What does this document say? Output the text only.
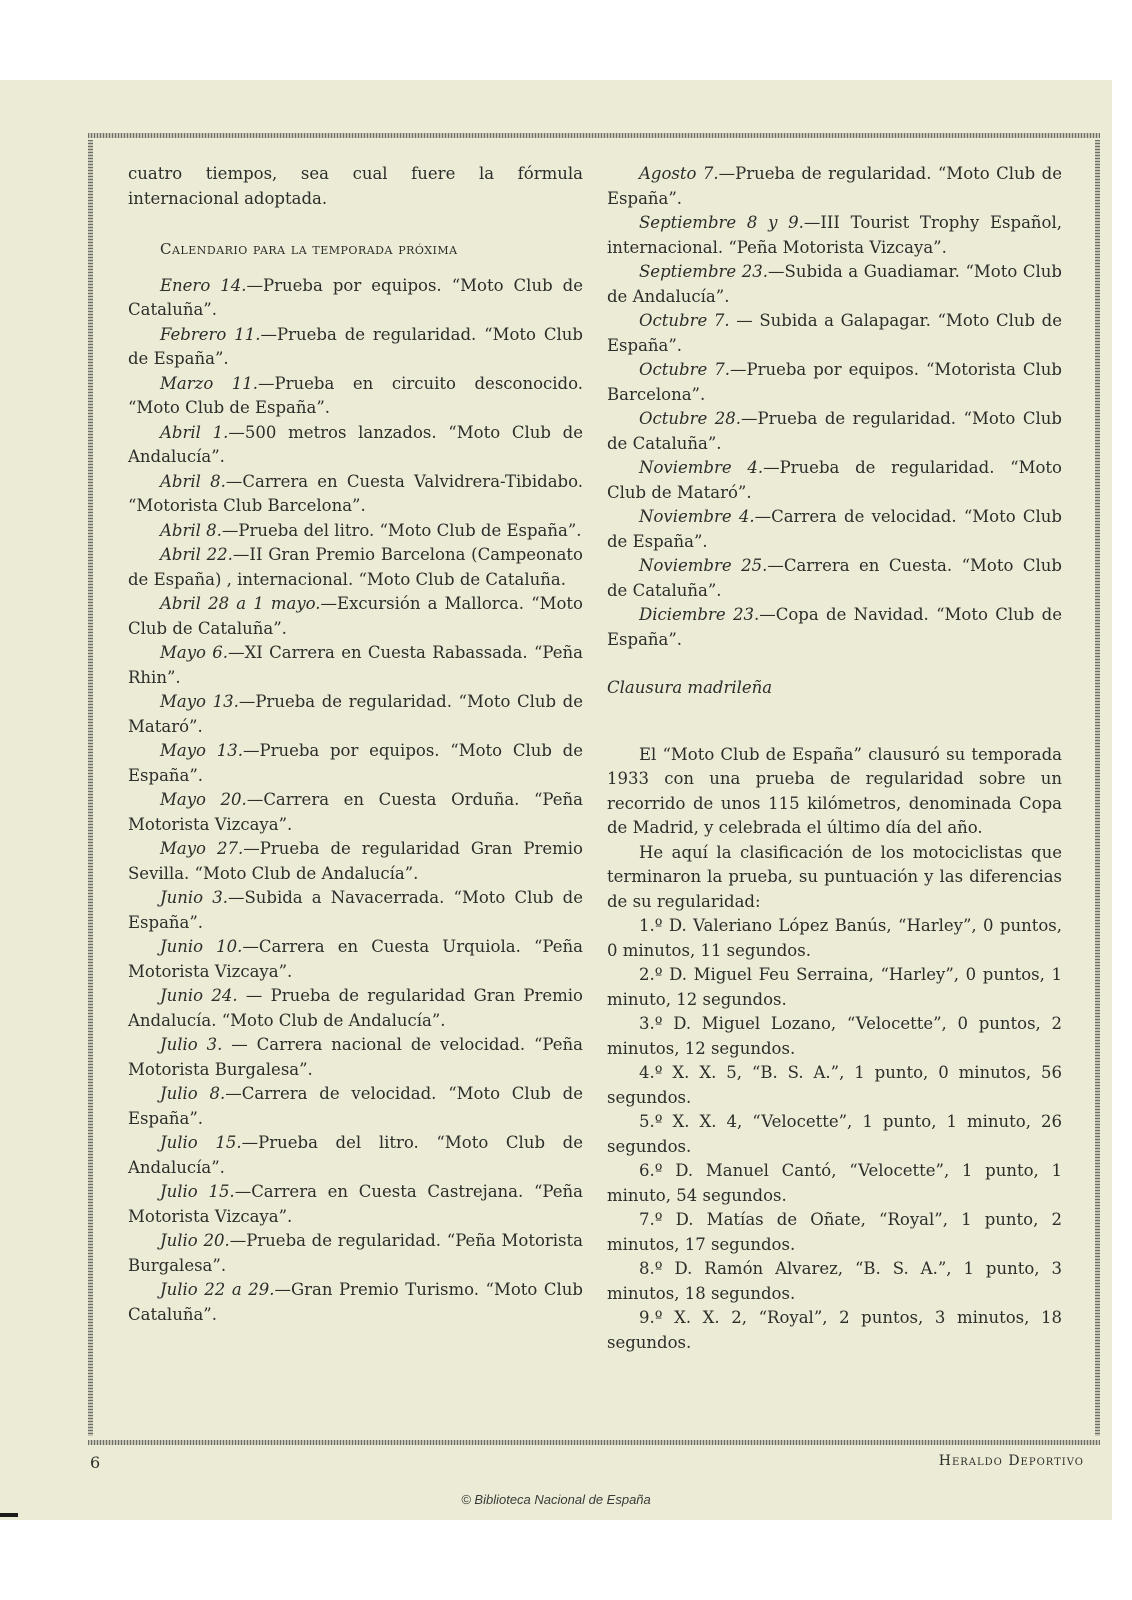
cuatro tiempos, sea cual fuere la fórmula internacional adoptada.

Calendario para la temporada próxima

Enero 14.—Prueba por equipos. “Moto Club de Cataluña”.

Febrero 11.—Prueba de regularidad. “Moto Club de España”.

Marzo 11.—Prueba en circuito desconocido. “Moto Club de España”.

Abril 1.—500 metros lanzados. “Moto Club de Andalucía”.

Abril 8.—Carrera en Cuesta Valvidrera-Tibidabo. “Motorista Club Barcelona”.

Abril 8.—Prueba del litro. “Moto Club de España”.

Abril 22.—II Gran Premio Barcelona (Campeonato de España) , internacional. “Moto Club de Cataluña.

Abril 28 a 1 mayo.—Excursión a Mallorca. “Moto Club de Cataluña”.

Mayo 6.—XI Carrera en Cuesta Rabassada. “Peña Rhin”.

Mayo 13.—Prueba de regularidad. “Moto Club de Mataró”.

Mayo 13.—Prueba por equipos. “Moto Club de España”.

Mayo 20.—Carrera en Cuesta Orduña. “Peña Motorista Vizcaya”.

Mayo 27.—Prueba de regularidad Gran Premio Sevilla. “Moto Club de Andalucía”.

Junio 3.—Subida a Navacerrada. “Moto Club de España”.

Junio 10.—Carrera en Cuesta Urquiola. “Peña Motorista Vizcaya”.

Junio 24. — Prueba de regularidad Gran Premio Andalucía. “Moto Club de Andalucía”.

Julio 3. — Carrera nacional de velocidad. “Peña Motorista Burgalesa”.

Julio 8.—Carrera de velocidad. “Moto Club de España”.

Julio 15.—Prueba del litro. “Moto Club de Andalucía”.

Julio 15.—Carrera en Cuesta Castrejana. “Peña Motorista Vizcaya”.

Julio 20.—Prueba de regularidad. “Peña Motorista Burgalesa”.

Julio 22 a 29.—Gran Premio Turismo. “Moto Club Cataluña”.

Agosto 7.—Prueba de regularidad. “Moto Club de España”.

Septiembre 8 y 9.—III Tourist Trophy Español, internacional. “Peña Motorista Vizcaya”.

Septiembre 23.—Subida a Guadiamar. “Moto Club de Andalucía”.

Octubre 7. — Subida a Galapagar. “Moto Club de España”.

Octubre 7.—Prueba por equipos. “Motorista Club Barcelona”.

Octubre 28.—Prueba de regularidad. “Moto Club de Cataluña”.

Noviembre 4.—Prueba de regularidad. “Moto Club de Mataró”.

Noviembre 4.—Carrera de velocidad. “Moto Club de España”.

Noviembre 25.—Carrera en Cuesta. “Moto Club de Cataluña”.

Diciembre 23.—Copa de Navidad. “Moto Club de España”.

Clausura madrileña

El “Moto Club de España” clausuró su temporada 1933 con una prueba de regularidad sobre un recorrido de unos 115 kilómetros, denominada Copa de Madrid, y celebrada el último día del año.

He aquí la clasificación de los motociclistas que terminaron la prueba, su puntuación y las diferencias de su regularidad:

1.º D. Valeriano López Banús, “Harley”, 0 puntos, 0 minutos, 11 segundos.

2.º D. Miguel Feu Serraina, “Harley”, 0 puntos, 1 minuto, 12 segundos.

3.º D. Miguel Lozano, “Velocette”, 0 puntos, 2 minutos, 12 segundos.

4.º X. X. 5, “B. S. A.”, 1 punto, 0 minutos, 56 segundos.

5.º X. X. 4, “Velocette”, 1 punto, 1 minuto, 26 segundos.

6.º D. Manuel Cantó, “Velocette”, 1 punto, 1 minuto, 54 segundos.

7.º D. Matías de Oñate, “Royal”, 1 punto, 2 minutos, 17 segundos.

8.º D. Ramón Alvarez, “B. S. A.”, 1 punto, 3 minutos, 18 segundos.

9.º X. X. 2, “Royal”, 2 puntos, 3 minutos, 18 segundos.

6	Heraldo Deportivo
© Biblioteca Nacional de España
